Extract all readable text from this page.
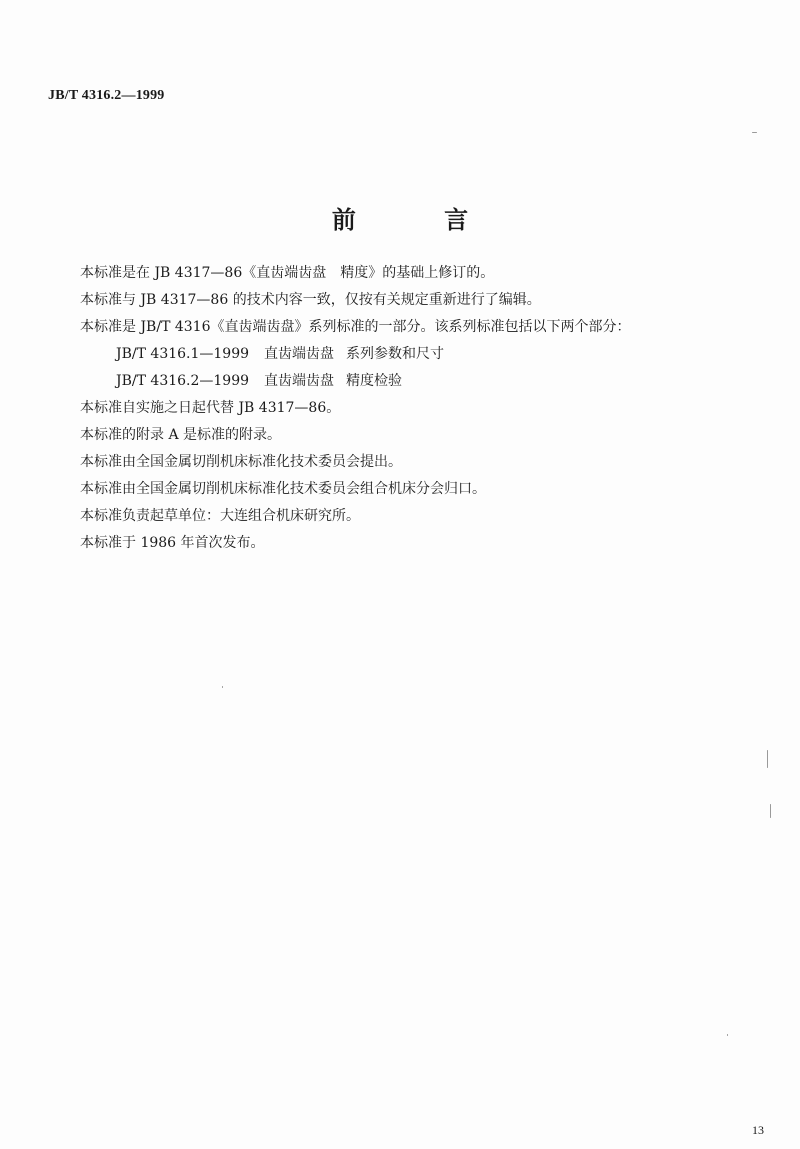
JB/T 4316.2—1999
前 言
本标准是在 JB 4317—86《直齿端齿盘　精度》的基础上修订的。
本标准与 JB 4317—86 的技术内容一致，仅按有关规定重新进行了编辑。
本标准是 JB/T 4316《直齿端齿盘》系列标准的一部分。该系列标准包括以下两个部分：
JB/T 4316.1—1999 直齿端齿盘 系列参数和尺寸
JB/T 4316.2—1999 直齿端齿盘 精度检验
本标准自实施之日起代替 JB 4317—86。
本标准的附录 A 是标准的附录。
本标准由全国金属切削机床标准化技术委员会提出。
本标准由全国金属切削机床标准化技术委员会组合机床分会归口。
本标准负责起草单位：大连组合机床研究所。
本标准于 1986 年首次发布。
13
